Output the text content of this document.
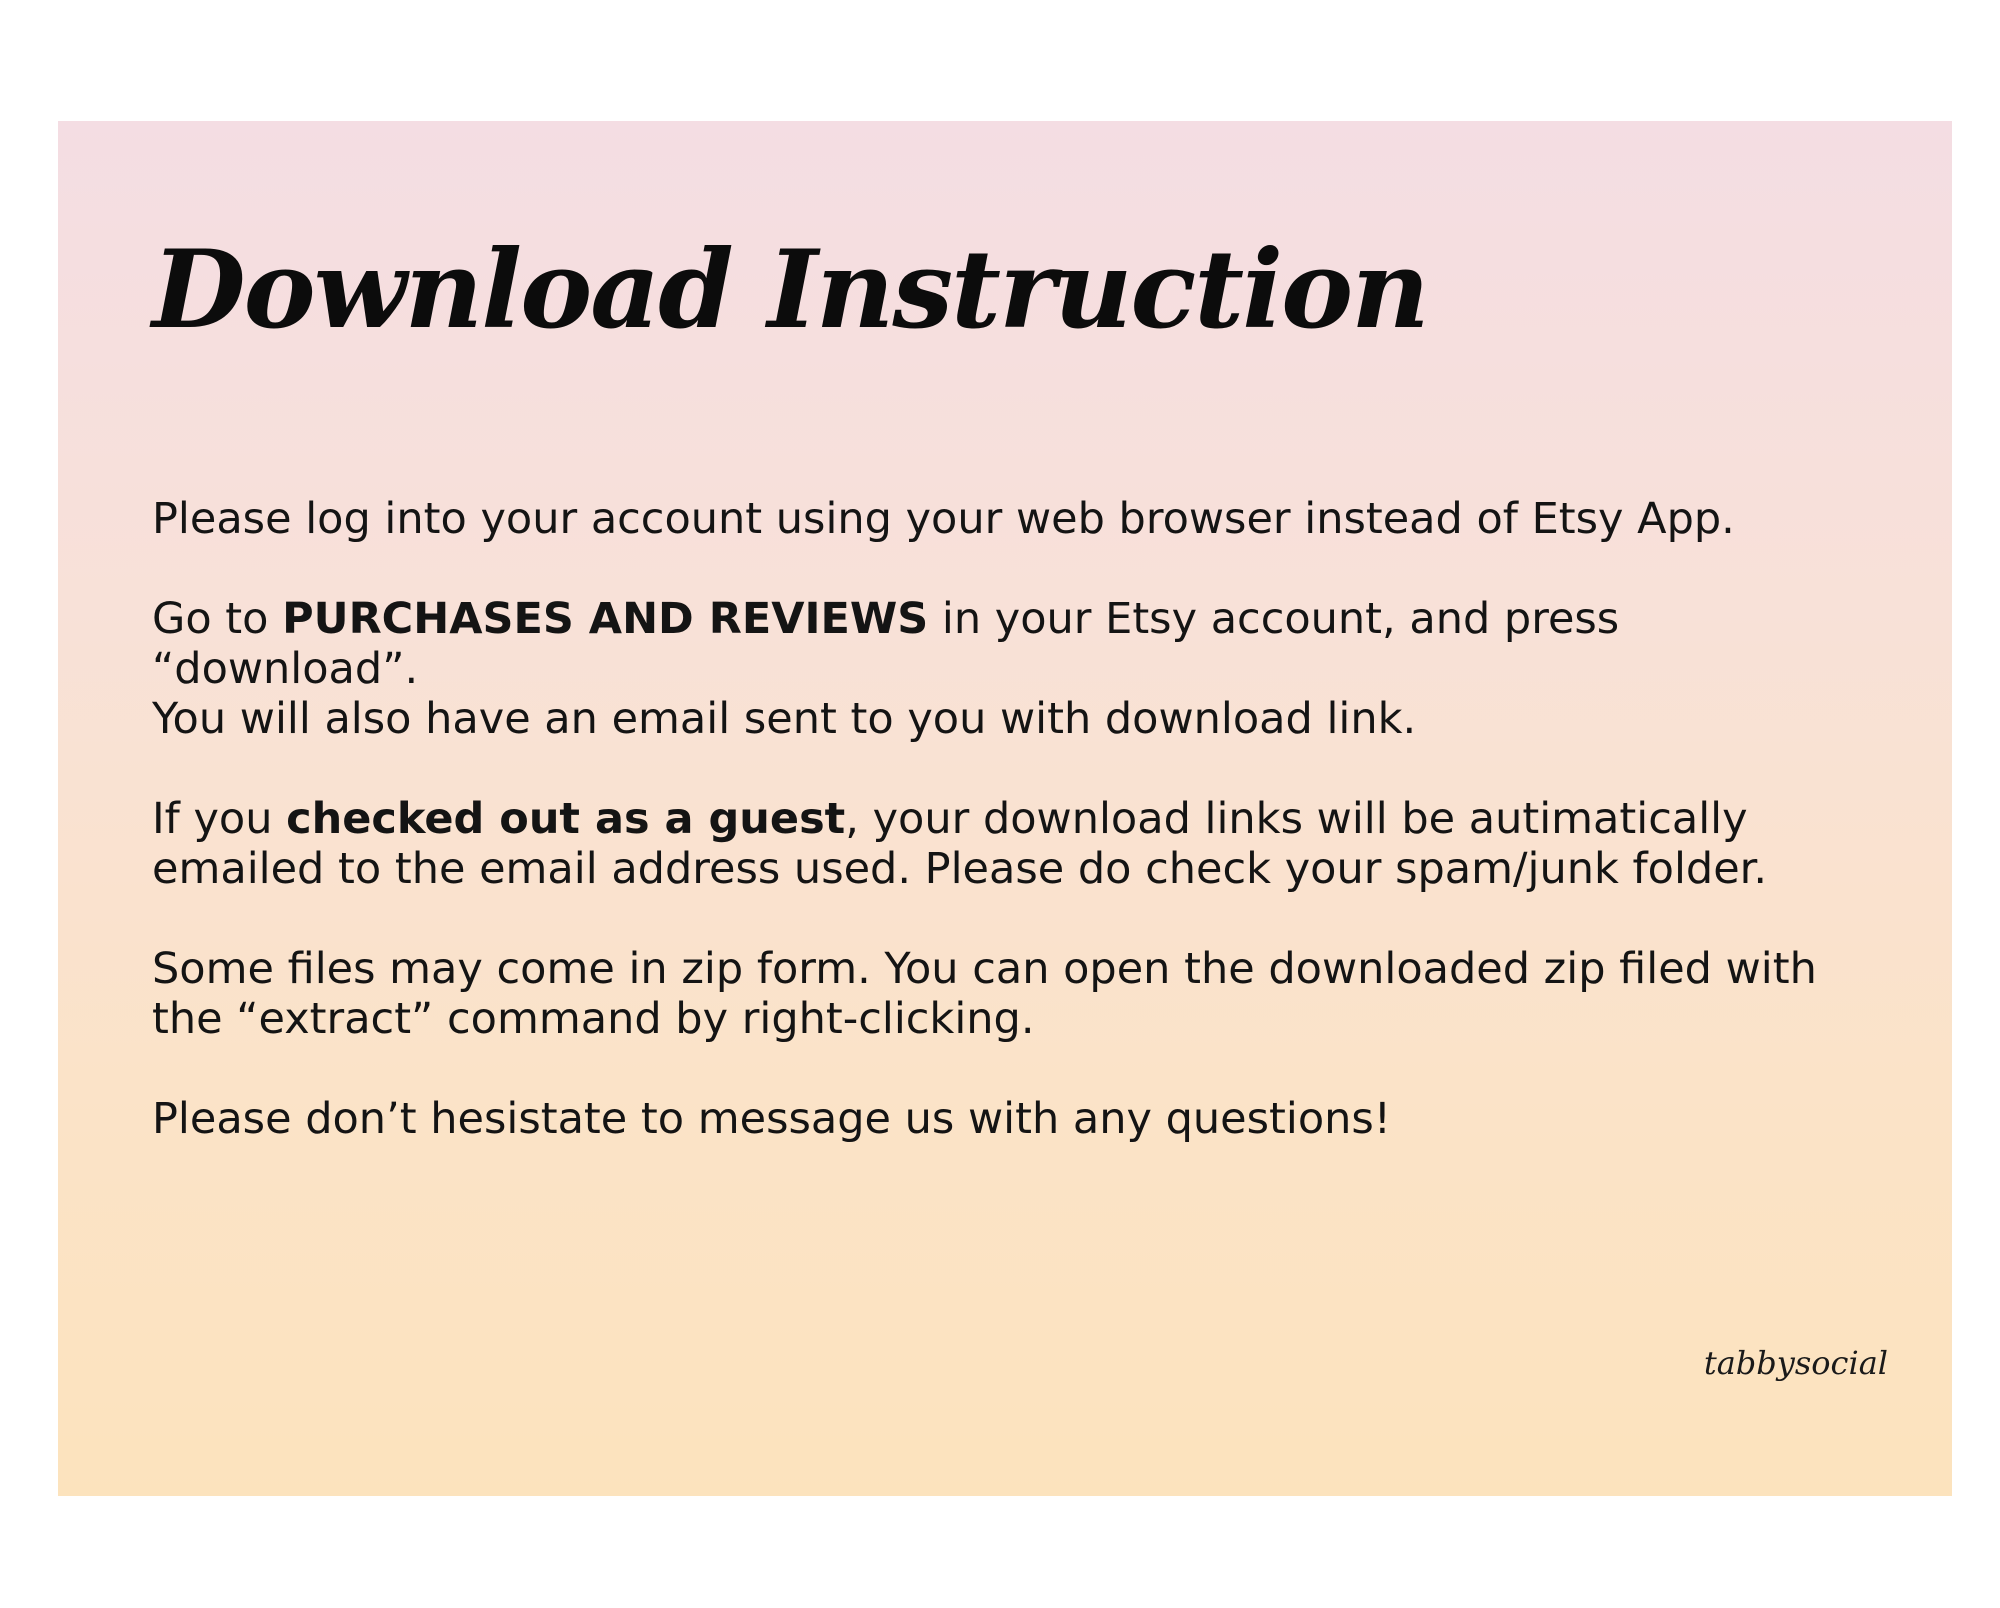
Download Instruction

Please log into your account using your web browser instead of Etsy App.

Go to PURCHASES AND REVIEWS in your Etsy account, and press “download”.
You will also have an email sent to you with download link.

If you checked out as a guest, your download links will be autimatically
emailed to the email address used. Please do check your spam/junk folder.

Some files may come in zip form. You can open the downloaded zip filed with
the “extract” command by right-clicking.

Please don’t hesistate to message us with any questions!

tabbysocial
